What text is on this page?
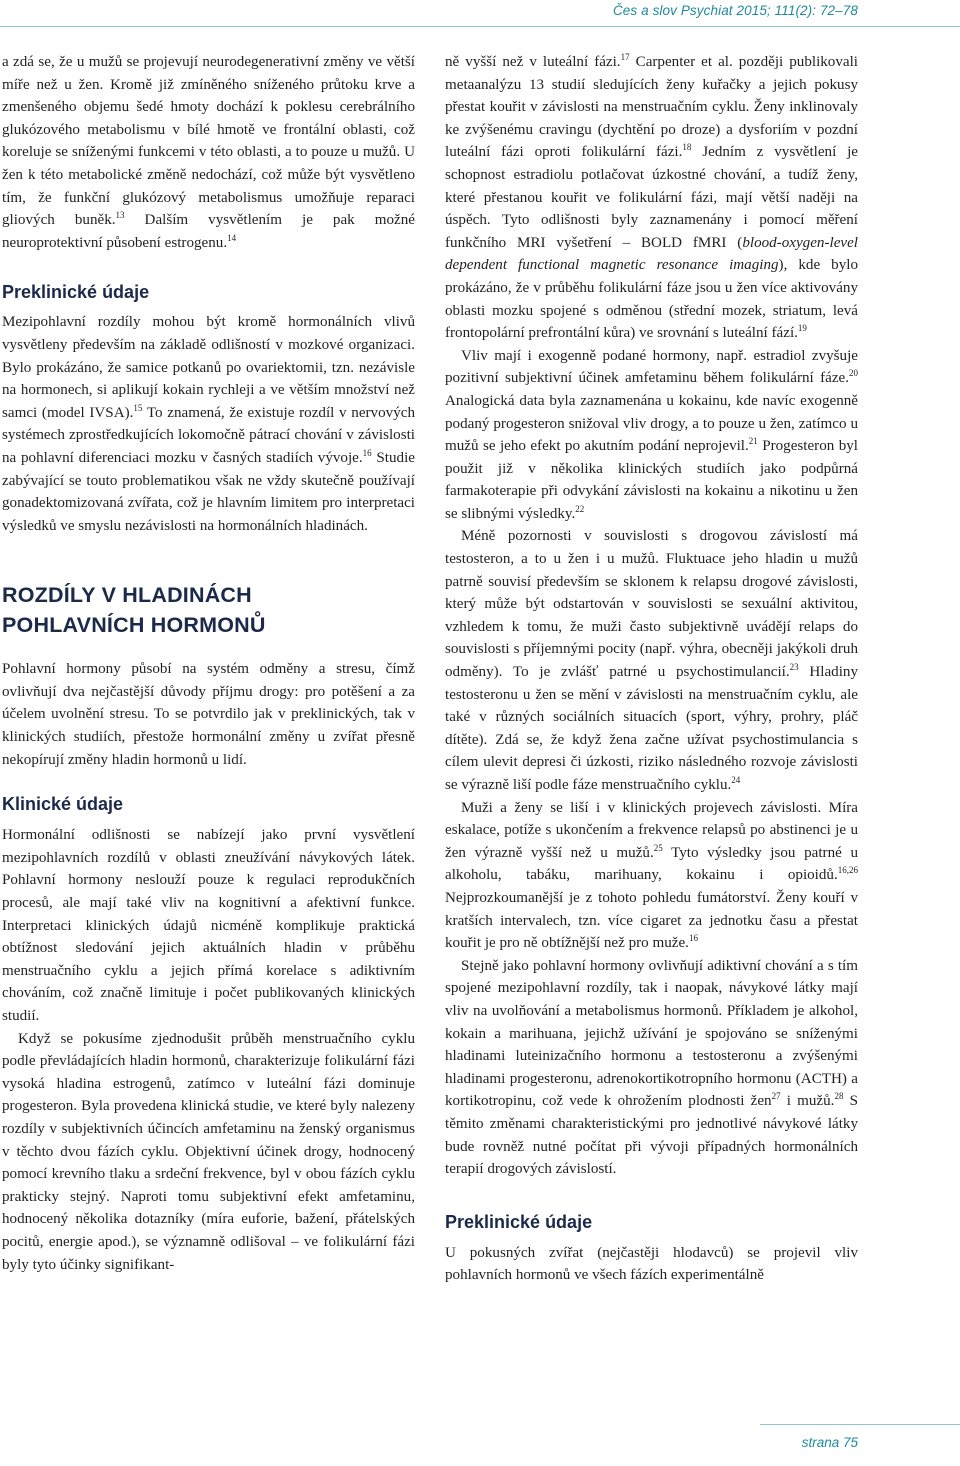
Čes a slov Psychiat 2015; 111(2): 72–78

a zdá se, že u mužů se projevují neurodegenerativní změny ve větší míře než u žen. Kromě již zmíněného sníženého průtoku krve a zmenšeného objemu šedé hmoty dochází k poklesu cerebrálního glukózového metabolismu v bílé hmotě ve frontální oblasti, což koreluje se sníženými funkcemi v této oblasti, a to pouze u mužů. U žen k této metabolické změně nedochází, což může být vysvětleno tím, že funkční glukózový metabolismus umožňuje reparaci gliových buněk.$^{13}$ Dalším vysvětlením je pak možné neuroprotektivní působení estrogenu.$^{14}$

Preklinické údaje

Mezipohlavní rozdíly mohou být kromě hormonálních vlivů vysvětleny především na základě odlišností v mozkové organizaci. Bylo prokázáno, že samice potkanů po ovariektomii, tzn. nezávisle na hormonech, si aplikují kokain rychleji a ve větším množství než samci (model IVSA).$^{15}$ To znamená, že existuje rozdíl v nervových systémech zprostředkujících lokomočně pátrací chování v závislosti na pohlavní diferenciaci mozku v časných stadiích vývoje.$^{16}$ Studie zabývající se touto problematikou však ne vždy skutečně používají gonadektomizovaná zvířata, což je hlavním limitem pro interpretaci výsledků ve smyslu nezávislosti na hormonálních hladinách.

ROZDÍLY V HLADINÁCH
POHLAVNÍCH HORMONŮ

Pohlavní hormony působí na systém odměny a stresu, čímž ovlivňují dva nejčastější důvody příjmu drogy: pro potěšení a za účelem uvolnění stresu. To se potvrdilo jak v preklinických, tak v klinických studiích, přestože hormonální změny u zvířat přesně nekopírují změny hladin hormonů u lidí.

Klinické údaje

Hormonální odlišnosti se nabízejí jako první vysvětlení mezipohlavních rozdílů v oblasti zneužívání návykových látek. Pohlavní hormony neslouží pouze k regulaci reprodukčních procesů, ale mají také vliv na kognitivní a afektivní funkce. Interpretaci klinických údajů nicméně komplikuje praktická obtížnost sledování jejich aktuálních hladin v průběhu menstruačního cyklu a jejich přímá korelace s adiktivním chováním, což značně limituje i počet publikovaných klinických studií.

Když se pokusíme zjednodušit průběh menstruačního cyklu podle převládajících hladin hormonů, charakterizuje folikulární fázi vysoká hladina estrogenů, zatímco v luteální fázi dominuje progesteron. Byla provedena klinická studie, ve které byly nalezeny rozdíly v subjektivních účincích amfetaminu na ženský organismus v těchto dvou fázích cyklu. Objektivní účinek drogy, hodnocený pomocí krevního tlaku a srdeční frekvence, byl v obou fázích cyklu prakticky stejný. Naproti tomu subjektivní efekt amfetaminu, hodnocený několika dotazníky (míra euforie, bažení, přátelských pocitů, energie apod.), se významně odlišoval – ve folikulární fázi byly tyto účinky signifikant-

ně vyšší než v luteální fázi.$^{17}$ Carpenter et al. později publikovali metaanalýzu 13 studií sledujících ženy kuřačky a jejich pokusy přestat kouřit v závislosti na menstruačním cyklu. Ženy inklinovaly ke zvýšenému cravingu (dychtění po droze) a dysforiím v pozdní luteální fázi oproti folikulární fázi.$^{18}$ Jedním z vysvětlení je schopnost estradiolu potlačovat úzkostné chování, a tudíž ženy, které přestanou kouřit ve folikulární fázi, mají větší naději na úspěch. Tyto odlišnosti byly zaznamenány i pomocí měření funkčního MRI vyšetření – BOLD fMRI (blood-oxygen-level dependent functional magnetic resonance imaging), kde bylo prokázáno, že v průběhu folikulární fáze jsou u žen více aktivovány oblasti mozku spojené s odměnou (střední mozek, striatum, levá frontopolární prefrontální kůra) ve srovnání s luteální fází.$^{19}$

Vliv mají i exogenně podané hormony, např. estradiol zvyšuje pozitivní subjektivní účinek amfetaminu během folikulární fáze.$^{20}$ Analogická data byla zaznamenána u kokainu, kde navíc exogenně podaný progesteron snižoval vliv drogy, a to pouze u žen, zatímco u mužů se jeho efekt po akutním podání neprojevil.$^{21}$ Progesteron byl použit již v několika klinických studiích jako podpůrná farmakoterapie při odvykání závislosti na kokainu a nikotinu u žen se slibnými výsledky.$^{22}$

Méně pozornosti v souvislosti s drogovou závislostí má testosteron, a to u žen i u mužů. Fluktuace jeho hladin u mužů patrně souvisí především se sklonem k relapsu drogové závislosti, který může být odstartován v souvislosti se sexuální aktivitou, vzhledem k tomu, že muži často subjektivně uvádějí relaps do souvislosti s příjemnými pocity (např. výhra, obecněji jakýkoli druh odměny). To je zvlášť patrné u psychostimulancií.$^{23}$ Hladiny testosteronu u žen se mění v závislosti na menstruačním cyklu, ale také v různých sociálních situacích (sport, výhry, prohry, pláč dítěte). Zdá se, že když žena začne užívat psychostimulancia s cílem ulevit depresi či úzkosti, riziko následného rozvoje závislosti se výrazně liší podle fáze menstruačního cyklu.$^{24}$

Muži a ženy se liší i v klinických projevech závislosti. Míra eskalace, potíže s ukončením a frekvence relapsů po abstinenci je u žen výrazně vyšší než u mužů.$^{25}$ Tyto výsledky jsou patrné u alkoholu, tabáku, marihuany, kokainu i opioidů.$^{16,26}$ Nejprozkoumanější je z tohoto pohledu fumátorství. Ženy kouří v kratších intervalech, tzn. více cigaret za jednotku času a přestat kouřit je pro ně obtížnější než pro muže.$^{16}$

Stejně jako pohlavní hormony ovlivňují adiktivní chování a s tím spojené mezipohlavní rozdíly, tak i naopak, návykové látky mají vliv na uvolňování a metabolismus hormonů. Příkladem je alkohol, kokain a marihuana, jejichž užívání je spojováno se sníženými hladinami luteinizačního hormonu a testosteronu a zvýšenými hladinami progesteronu, adrenokortikotropního hormonu (ACTH) a kortikotropinu, což vede k ohrožením plodnosti žen$^{27}$ i mužů.$^{28}$ S těmito změnami charakteristickými pro jednotlivé návykové látky bude rovněž nutné počítat při vývoji případných hormonálních terapií drogových závislostí.

Preklinické údaje

U pokusných zvířat (nejčastěji hlodavců) se projevil vliv pohlavních hormonů ve všech fázích experimentálně

strana 75
